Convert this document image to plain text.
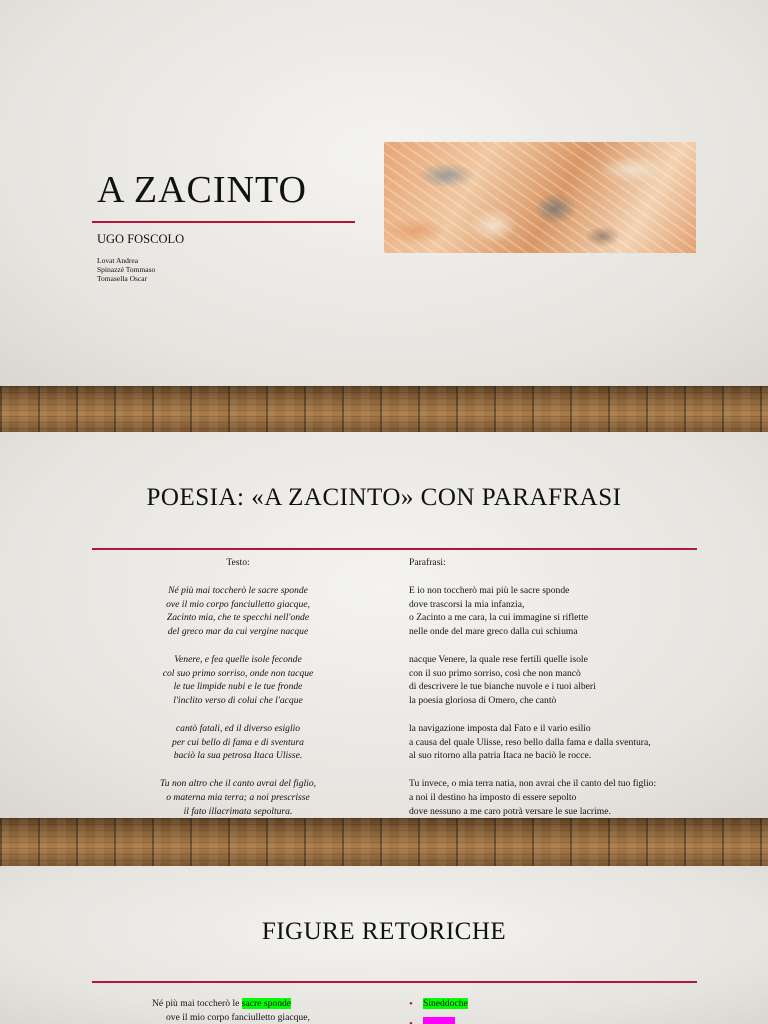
A ZACINTO
UGO FOSCOLO
Lovat Andrea
Spinazzè Tommaso
Tomasella Oscar
POESIA: «A ZACINTO» CON PARAFRASI
Testo:
Né più mai toccherò le sacre sponde
ove il mio corpo fanciulletto giacque,
Zacinto mia, che te specchi nell'onde
del greco mar da cui vergine nacque
Venere, e fea quelle isole feconde
col suo primo sorriso, onde non tacque
le tue limpide nubi e le tue fronde
l'inclito verso di colui che l'acque
cantò fatali, ed il diverso esiglio
per cui bello di fama e di sventura
baciò la sua petrosa Itaca Ulisse.
Tu non altro che il canto avrai del figlio,
o materna mia terra; a noi prescrisse
il fato illacrimata sepoltura.
Parafrasi:
E io non toccherò mai più le sacre sponde
dove trascorsi la mia infanzia,
o Zacinto a me cara, la cui immagine si riflette
nelle onde del mare greco dalla cui schiuma
nacque Venere, la quale rese fertili quelle isole
con il suo primo sorriso, così che non mancò
di descrivere le tue bianche nuvole e i tuoi alberi
la poesia gloriosa di Omero, che cantò
la navigazione imposta dal Fato e il vario esilio
a causa del quale Ulisse, reso bello dalla fama e dalla sventura,
al suo ritorno alla patria Itaca ne baciò le rocce.
Tu invece, o mia terra natia, non avrai che il canto del tuo figlio:
a noi il destino ha imposto di essere sepolto
dove nessuno a me caro potrà versare le sue lacrime.
FIGURE RETORICHE
Né più mai toccherò le sacre sponde
ove il mio corpo fanciulletto giacque,
• Sineddoche
•
